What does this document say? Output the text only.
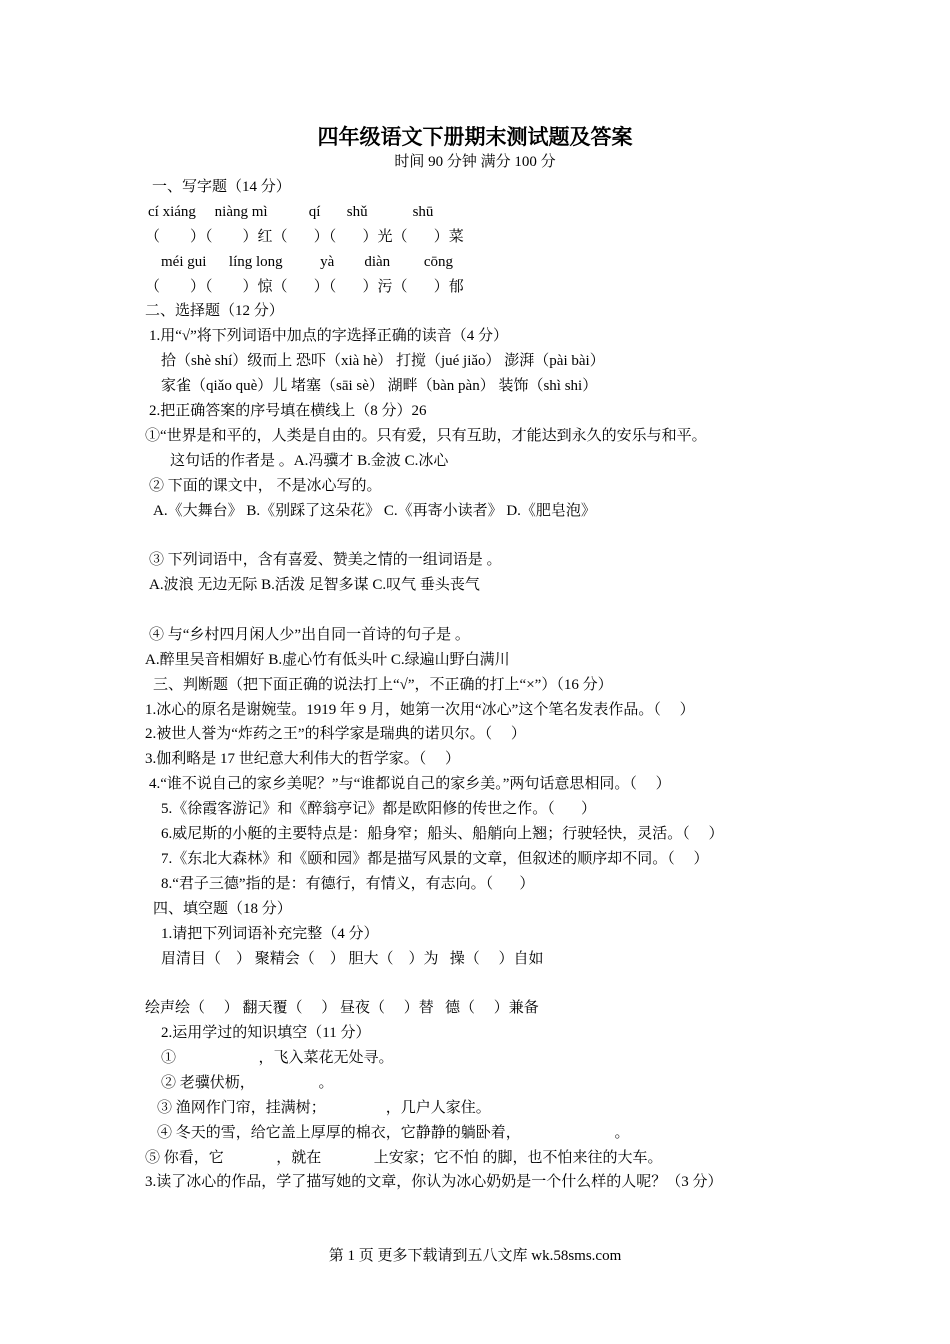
四年级语文下册期末测试题及答案
时间 90 分钟 满分 100 分
一、写字题（14 分）
cí xiáng     niàng mì           qí       shǔ            shū
（        ）（        ）红（       ）（       ）光（       ）菜
méi gui      líng long          yà        diàn         cōng
（        ）（        ）惊（       ）（       ）污（       ）郁
二、选择题（12 分）
1.用“√”将下列词语中加点的字选择正确的读音（4 分）
拾（shè shí）级而上 恐吓（xià hè） 打搅（jué jiǎo） 澎湃（pài bài）
家雀（qiǎo què）儿 堵塞（sāi sè） 湖畔（bàn pàn） 装饰（shì shi）
2.把正确答案的序号填在横线上（8 分）26
①“世界是和平的，人类是自由的。只有爱，只有互助，才能达到永久的安乐与和平。
这句话的作者是 。A.冯骥才 B.金波 C.冰心
② 下面的课文中， 不是冰心写的。
A.《大舞台》 B.《别踩了这朵花》 C.《再寄小读者》 D.《肥皂泡》
③ 下列词语中，含有喜爱、赞美之情的一组词语是 。
A.波浪 无边无际 B.活泼 足智多谋 C.叹气 垂头丧气
④ 与“乡村四月闲人少”出自同一首诗的句子是 。
A.醉里吴音相媚好 B.虚心竹有低头叶 C.绿遍山野白满川
三、判断题（把下面正确的说法打上“√”，不正确的打上“×”）（16 分）
1.冰心的原名是谢婉莹。1919 年 9 月，她第一次用“冰心”这个笔名发表作品。（     ）
2.被世人誉为“炸药之王”的科学家是瑞典的诺贝尔。（     ）
3.伽利略是 17 世纪意大利伟大的哲学家。（     ）
4.“谁不说自己的家乡美呢？”与“谁都说自己的家乡美。”两句话意思相同。（     ）
5.《徐霞客游记》和《醉翁亭记》都是欧阳修的传世之作。（       ）
6.威尼斯的小艇的主要特点是：船身窄；船头、船艄向上翘；行驶轻快，灵活。（     ）
7.《东北大森林》和《颐和园》都是描写风景的文章，但叙述的顺序却不同。（     ）
8.“君子三德”指的是：有德行，有情义，有志向。（       ）
四、填空题（18 分）
1.请把下列词语补充完整（4 分）
眉清目（    ） 聚精会（    ） 胆大（    ）为   操（     ）自如
绘声绘（     ） 翻天覆（     ） 昼夜（     ）替   德（     ）兼备
2.运用学过的知识填空（11 分）
①                      ，飞入菜花无处寻。
② 老骥伏枥，                 。
③ 渔网作门帘，挂满树；                ，几户人家住。
④ 冬天的雪，给它盖上厚厚的棉衣，它静静的躺卧着，                         。
⑤ 你看，它              ，就在              上安家；它不怕 的脚，也不怕来往的大车。
3.读了冰心的作品，学了描写她的文章，你认为冰心奶奶是一个什么样的人呢？（3 分）
第 1 页 更多下载请到五八文库 wk.58sms.com
